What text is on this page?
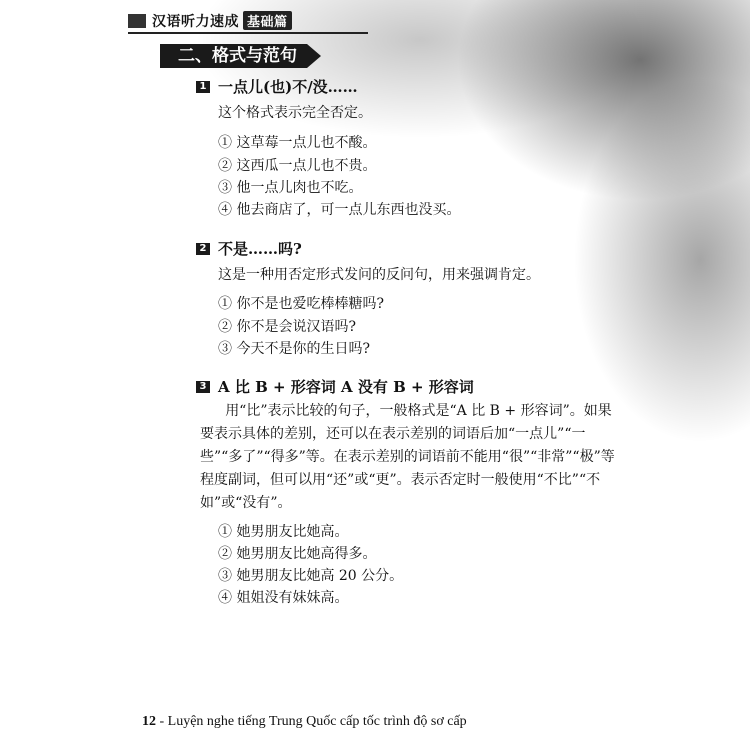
汉语听力速成 基础篇
二、格式与范句
1 一点儿(也)不/没……
这个格式表示完全否定。
① 这草莓一点儿也不酸。
② 这西瓜一点儿也不贵。
③ 他一点儿肉也不吃。
④ 他去商店了，可一点儿东西也没买。
2 不是……吗?
这是一种用否定形式发问的反问句，用来强调肯定。
① 你不是也爱吃棒棒糖吗?
② 你不是会说汉语吗?
③ 今天不是你的生日吗?
3 A 比 B + 形容词 A 没有 B + 形容词
用“比”表示比较的句子，一般格式是“A 比 B + 形容词”。如果要表示具体的差别，还可以在表示差别的词语后加“一点儿”“一些”“多了”“得多”等。在表示差别的词语前不能用“很”“非常”“极”等程度副词，但可以用“还”或“更”。表示否定时一般使用“不比”“不如”或“没有”。
① 她男朋友比她高。
② 她男朋友比她高得多。
③ 她男朋友比她高 20 公分。
④ 姐姐没有妹妹高。
12 - Luyện nghe tiếng Trung Quốc cấp tốc trình độ sơ cấp
